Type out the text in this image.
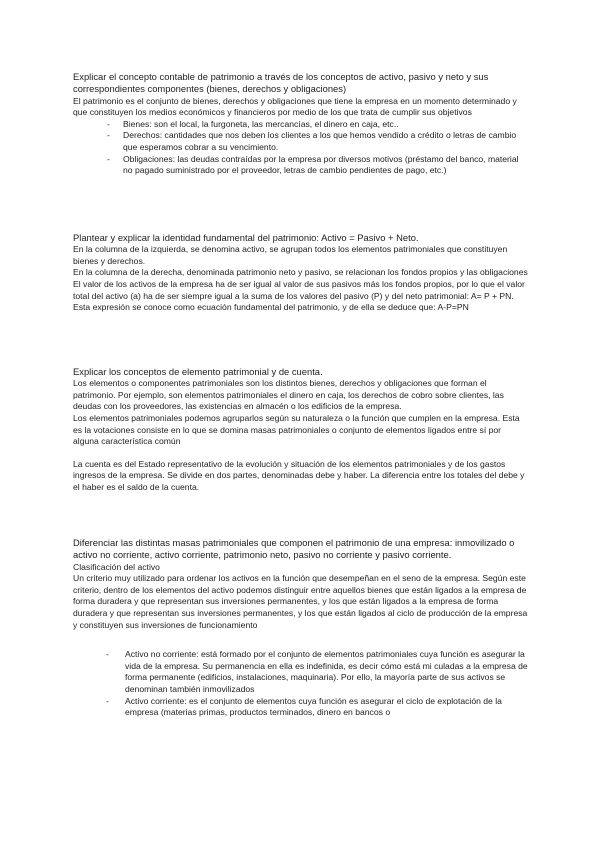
Explicar el concepto contable de patrimonio a través de los conceptos de activo, pasivo y neto y sus correspondientes componentes (bienes, derechos y obligaciones)

El patrimonio es el conjunto de bienes, derechos y obligaciones que tiene la empresa en un momento determinado y que constituyen los medios económicos y financieros por medio de los que trata de cumplir sus objetivos

- Bienes: son el local, la furgoneta, las mercancías, el dinero en caja, etc..
- Derechos: cantidades que nos deben los clientes a los que hemos vendido a crédito o letras de cambio que esperamos cobrar a su vencimiento.
- Obligaciones: las deudas contraídas por la empresa por diversos motivos (préstamo del banco, material no pagado suministrado por el proveedor, letras de cambio pendientes de pago, etc.)

Plantear y explicar la identidad fundamental del patrimonio: Activo = Pasivo + Neto.

En la columna de la izquierda, se denomina activo, se agrupan todos los elementos patrimoniales que constituyen bienes y derechos.

En la columna de la derecha, denominada patrimonio neto y pasivo, se relacionan los fondos propios y las obligaciones

El valor de los activos de la empresa ha de ser igual al valor de sus pasivos más los fondos propios, por lo que el valor total del activo (a) ha de ser siempre igual a la suma de los valores del pasivo (P) y del neto patrimonial: A= P + PN. Esta expresión se conoce como ecuación fundamental del patrimonio, y de ella se deduce que: A-P=PN

Explicar los conceptos de elemento patrimonial y de cuenta.

Los elementos o componentes patrimoniales son los distintos bienes, derechos y obligaciones que forman el patrimonio. Por ejemplo, son elementos patrimoniales el dinero en caja, los derechos de cobro sobre clientes, las deudas con los proveedores, las existencias en almacén o los edificios de la empresa.

Los elementos patrimoniales podemos agruparlos según su naturaleza o la función que cumplen en la empresa. Esta es la votaciones consiste en lo que se domina masas patrimoniales o conjunto de elementos ligados entre sí por alguna característica común

La cuenta es del Estado representativo de la evolución y situación de los elementos patrimoniales y de los gastos ingresos de la empresa. Se divide en dos partes, denominadas debe y haber. La diferencia entre los totales del debe y el haber es el saldo de la cuenta.

Diferenciar las distintas masas patrimoniales que componen el patrimonio de una empresa: inmovilizado o activo no corriente, activo corriente, patrimonio neto, pasivo no corriente y pasivo corriente.

Clasificación del activo

Un criterio muy utilizado para ordenar los activos en la función que desempeñan en el seno de la empresa. Según este criterio, dentro de los elementos del activo podemos distinguir entre aquellos bienes que están ligados a la empresa de forma duradera y que representan sus inversiones permanentes, y los que están ligados a la empresa de forma duradera y que representan sus inversiones permanentes, y los que están ligados al ciclo de producción de la empresa y constituyen sus inversiones de funcionamiento

- Activo no corriente: está formado por el conjunto de elementos patrimoniales cuya función es asegurar la vida de la empresa. Su permanencia en ella es indefinida, es decir cómo está mi culadas a la empresa de forma permanente (edificios, instalaciones, maquinaria). Por ello, la mayoría parte de sus activos se denominan también inmovilizados
- Activo corriente: es el conjunto de elementos cuya función es asegurar el ciclo de explotación de la empresa (materias primas, productos terminados, dinero en bancos o
